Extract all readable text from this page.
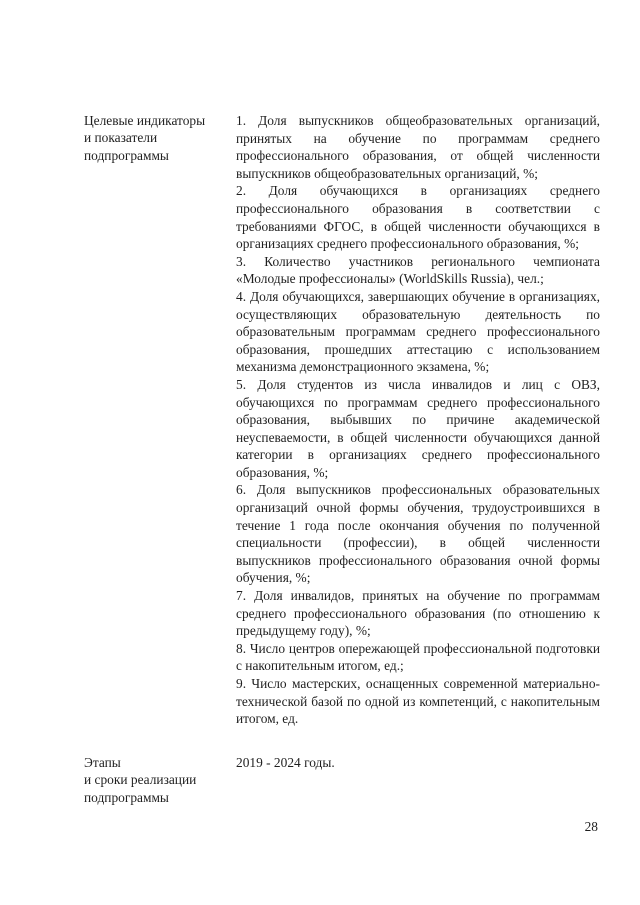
Целевые индикаторы
и показатели
подпрограммы

1. Доля выпускников общеобразовательных организаций, принятых на обучение по программам среднего профессионального образования, от общей численности выпускников общеобразовательных организаций, %;

2. Доля обучающихся в организациях среднего профессионального образования в соответствии с требованиями ФГОС, в общей численности обучающихся в организациях среднего профессионального образования, %;

3. Количество участников регионального чемпионата «Молодые профессионалы» (WorldSkills Russia), чел.;

4. Доля обучающихся, завершающих обучение в организациях, осуществляющих образовательную деятельность по образовательным программам среднего профессионального образования, прошедших аттестацию с использованием механизма демонстрационного экзамена, %;

5. Доля студентов из числа инвалидов и лиц с ОВЗ, обучающихся по программам среднего профессионального образования, выбывших по причине академической неуспеваемости, в общей численности обучающихся данной категории в организациях среднего профессионального образования, %;

6. Доля выпускников профессиональных образовательных организаций очной формы обучения, трудоустроившихся в течение 1 года после окончания обучения по полученной специальности (профессии), в общей численности выпускников профессионального образования очной формы обучения, %;

7. Доля инвалидов, принятых на обучение по программам среднего профессионального образования (по отношению к предыдущему году), %;

8. Число центров опережающей профессиональной подготовки с накопительным итогом, ед.;

9. Число мастерских, оснащенных современной материально-технической базой по одной из компетенций, с накопительным итогом, ед.

Этапы
и сроки реализации
подпрограммы

2019 - 2024 годы.

28
